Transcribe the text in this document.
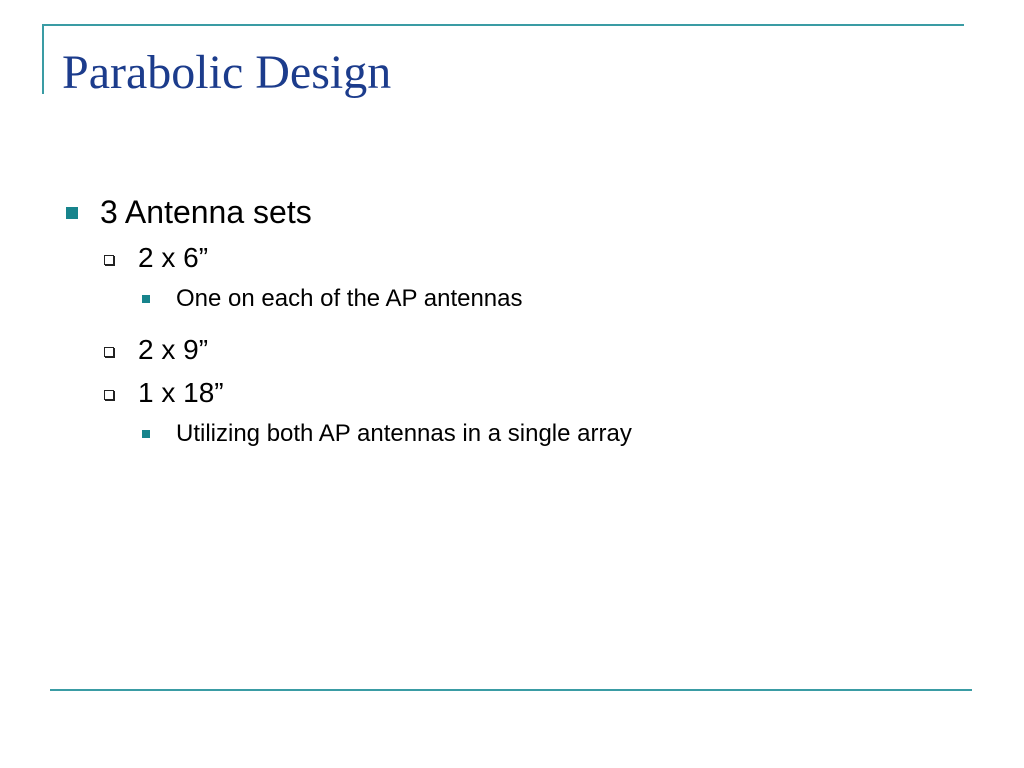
Parabolic Design
3 Antenna sets
2 x 6”
One on each of the AP antennas
2 x 9”
1 x 18”
Utilizing both AP antennas in a single array
